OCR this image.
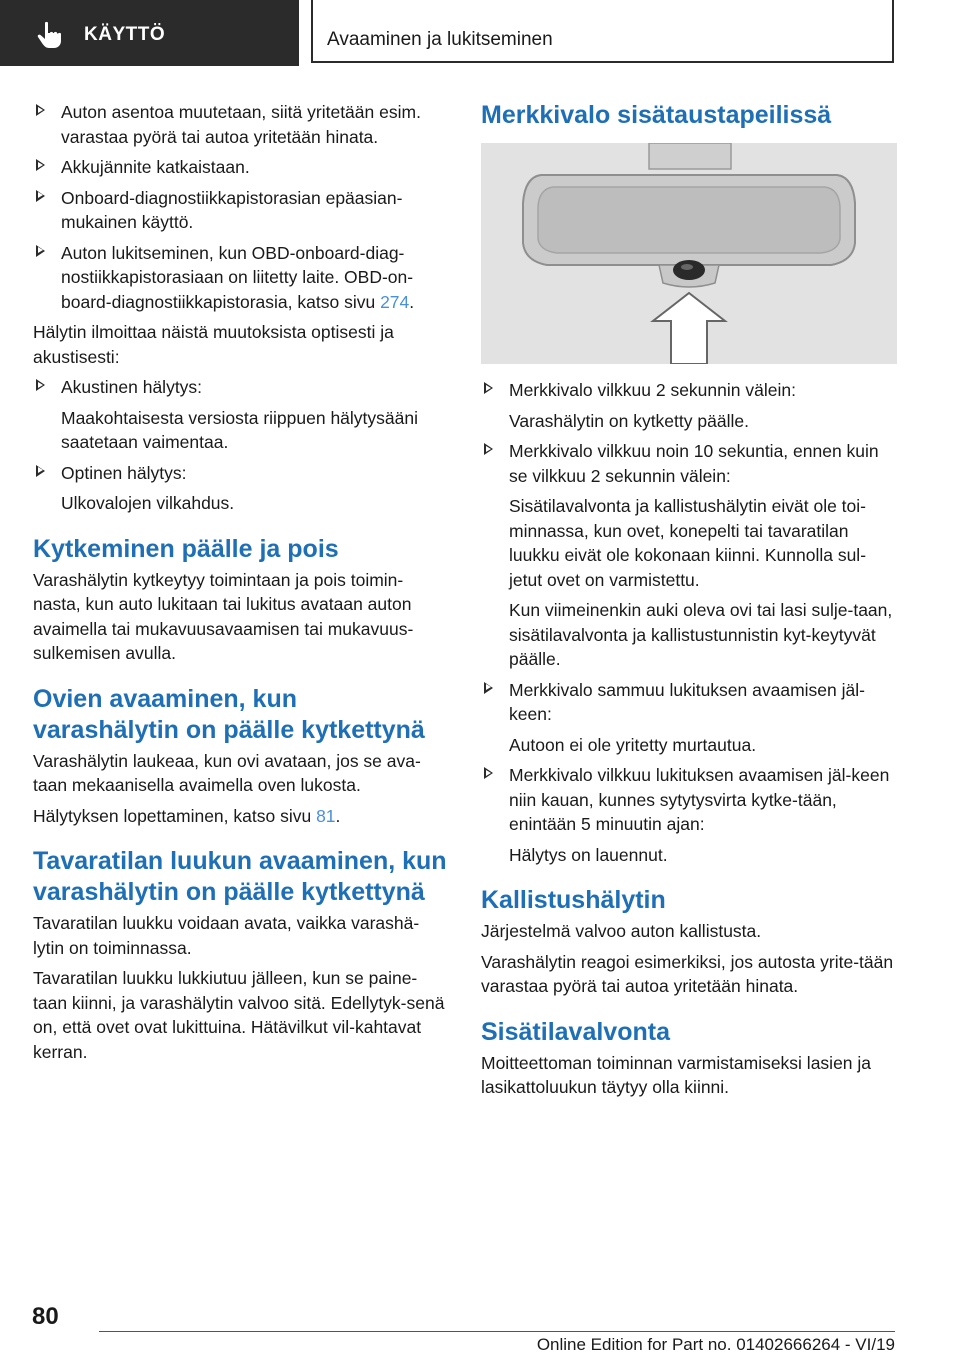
KÄYTTÖ	Avaaminen ja lukitseminen
Auton asentoa muutetaan, siitä yritetään esim. varastaa pyörä tai autoa yritetään hinata.
Akkujännite katkaistaan.
Onboard-diagnostiikkapistorasian epäasian‐mukainen käyttö.
Auton lukitseminen, kun OBD-onboard-diag‐nostiikkapistorasiaan on liitetty laite. OBD-on‐board-diagnostiikkapistorasia, katso sivu 274.

Hälytin ilmoittaa näistä muutoksista optisesti ja akustisesti:

Akustinen hälytys:
Maakohtaisesta versiosta riippuen hälytysääni saatetaan vaimentaa.
Optinen hälytys:
Ulkovalojen vilkahdus.
Kytkeminen päälle ja pois

Varashälytin kytkeytyy toimintaan ja pois toimin‐nasta, kun auto lukitaan tai lukitus avataan auton avaimella tai mukavuusavaamisen tai mukavuus‐sulkemisen avulla.

Ovien avaaminen, kun varashälytin on päälle kytkettynä

Varashälytin laukeaa, kun ovi avataan, jos se ava‐taan mekaanisella avaimella oven lukosta.

Hälytyksen lopettaminen, katso sivu 81.

Tavaratilan luukun avaaminen, kun varashälytin on päälle kytkettynä

Tavaratilan luukku voidaan avata, vaikka varashä‐lytin on toiminnassa.

Tavaratilan luukku lukkiutuu jälleen, kun se paine‐taan kiinni, ja varashälytin valvoo sitä. Edellytyk‐senä on, että ovet ovat lukittuina. Hätävilkut vil‐kahtavat kerran.

Merkkivalo sisätaustapeilissä
Merkkivalo vilkkuu 2 sekunnin välein:
Varashälytin on kytketty päälle.
Merkkivalo vilkkuu noin 10 sekuntia, ennen kuin se vilkkuu 2 sekunnin välein:
Sisätilavalvonta ja kallistushälytin eivät ole toi‐minnassa, kun ovet, konepelti tai tavaratilan luukku eivät ole kokonaan kiinni. Kunnolla sul‐jetut ovet on varmistettu.
Kun viimeinenkin auki oleva ovi tai lasi sulje‐taan, sisätilavalvonta ja kallistustunnistin kyt‐keytyvät päälle.
Merkkivalo sammuu lukituksen avaamisen jäl‐keen:
Autoon ei ole yritetty murtautua.
Merkkivalo vilkkuu lukituksen avaamisen jäl‐keen niin kauan, kunnes sytytysvirta kytke‐tään, enintään 5 minuutin ajan:
Hälytys on lauennut.
Kallistushälytin

Järjestelmä valvoo auton kallistusta.

Varashälytin reagoi esimerkiksi, jos autosta yrite‐tään varastaa pyörä tai autoa yritetään hinata.

Sisätilavalvonta

Moitteettoman toiminnan varmistamiseksi lasien ja lasikattoluukun täytyy olla kiinni.

80
Online Edition for Part no. 01402666264 - VI/19
